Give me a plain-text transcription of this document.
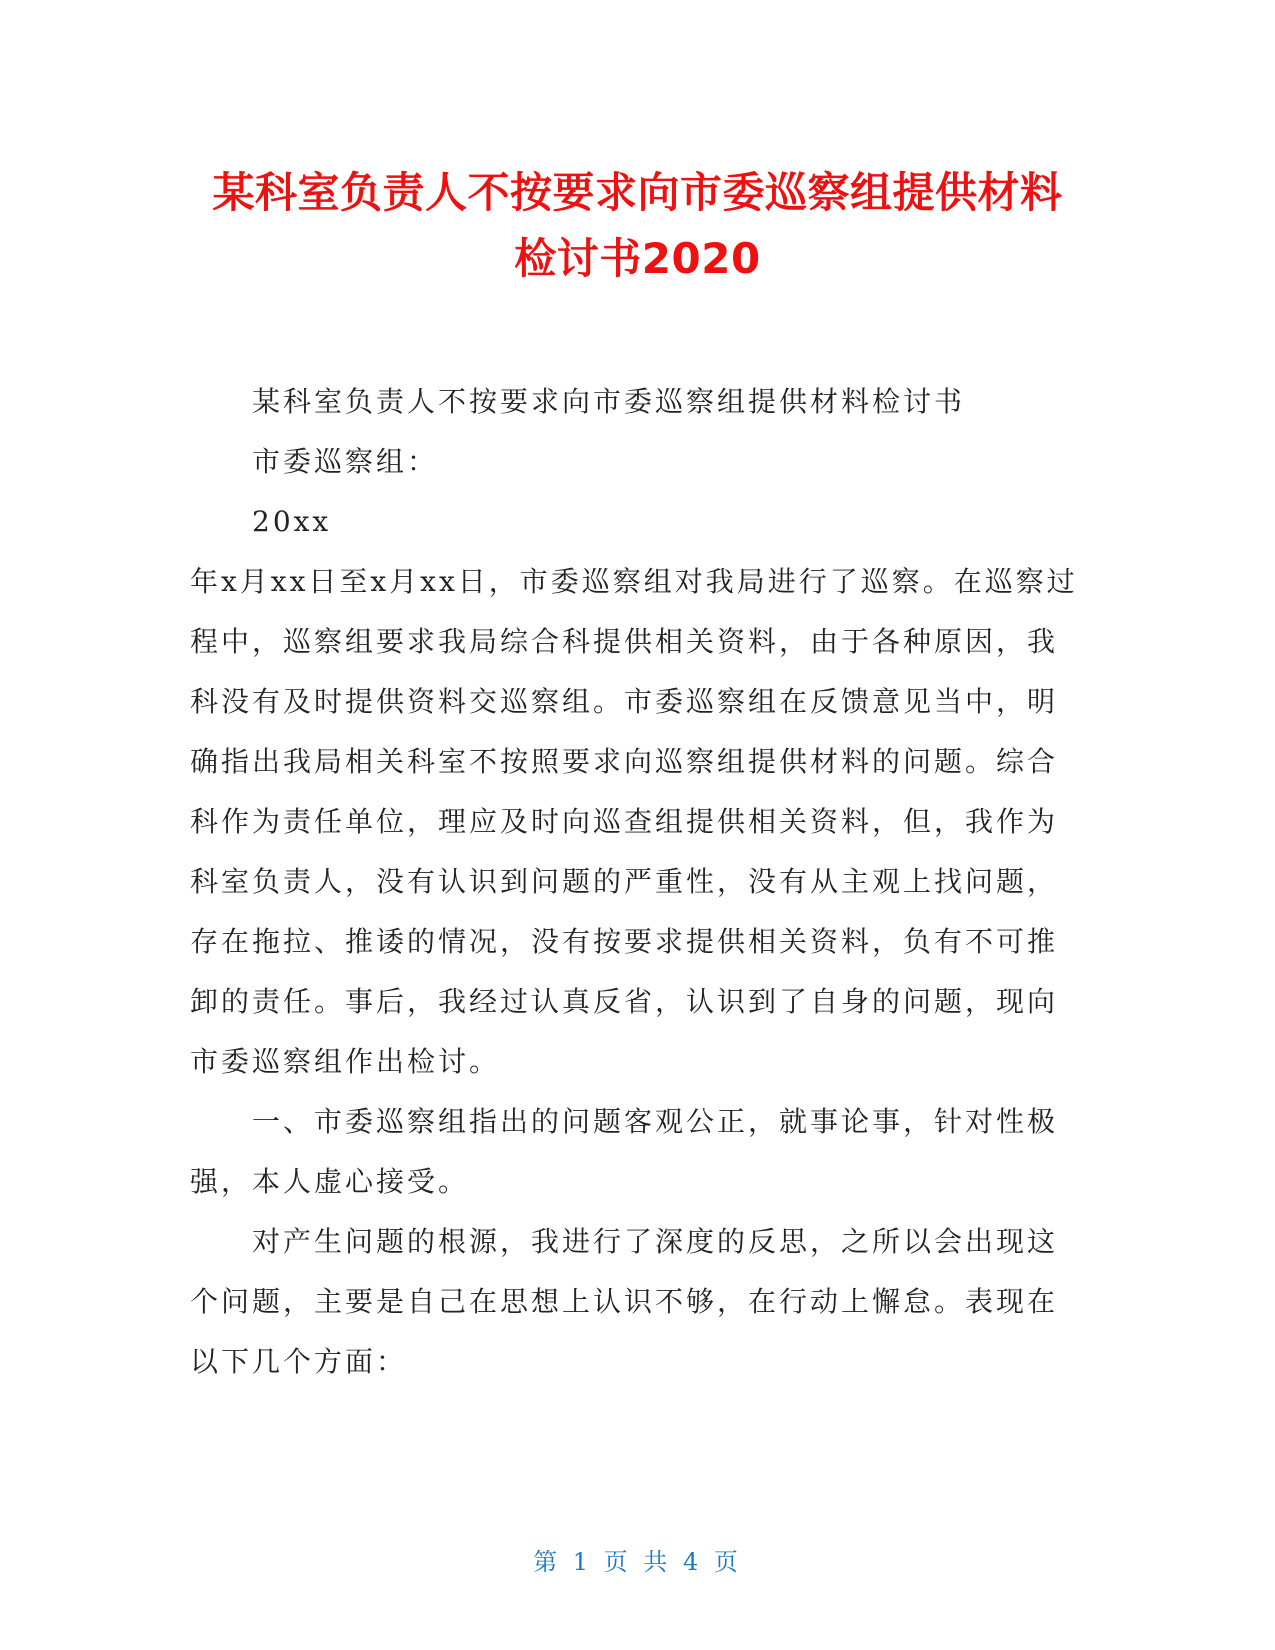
某科室负责人不按要求向市委巡察组提供材料
检讨书2020

某科室负责人不按要求向市委巡察组提供材料检讨书

市委巡察组：

20xx

年x月xx日至x月xx日，市委巡察组对我局进行了巡察。在巡察过
程中，巡察组要求我局综合科提供相关资料，由于各种原因，我
科没有及时提供资料交巡察组。市委巡察组在反馈意见当中，明
确指出我局相关科室不按照要求向巡察组提供材料的问题。综合
科作为责任单位，理应及时向巡查组提供相关资料，但，我作为
科室负责人，没有认识到问题的严重性，没有从主观上找问题，
存在拖拉、推诿的情况，没有按要求提供相关资料，负有不可推
卸的责任。事后，我经过认真反省，认识到了自身的问题，现向
市委巡察组作出检讨。

一、市委巡察组指出的问题客观公正，就事论事，针对性极
强，本人虚心接受。

对产生问题的根源，我进行了深度的反思，之所以会出现这
个问题，主要是自己在思想上认识不够，在行动上懈怠。表现在
以下几个方面：

第 1 页 共 4 页
